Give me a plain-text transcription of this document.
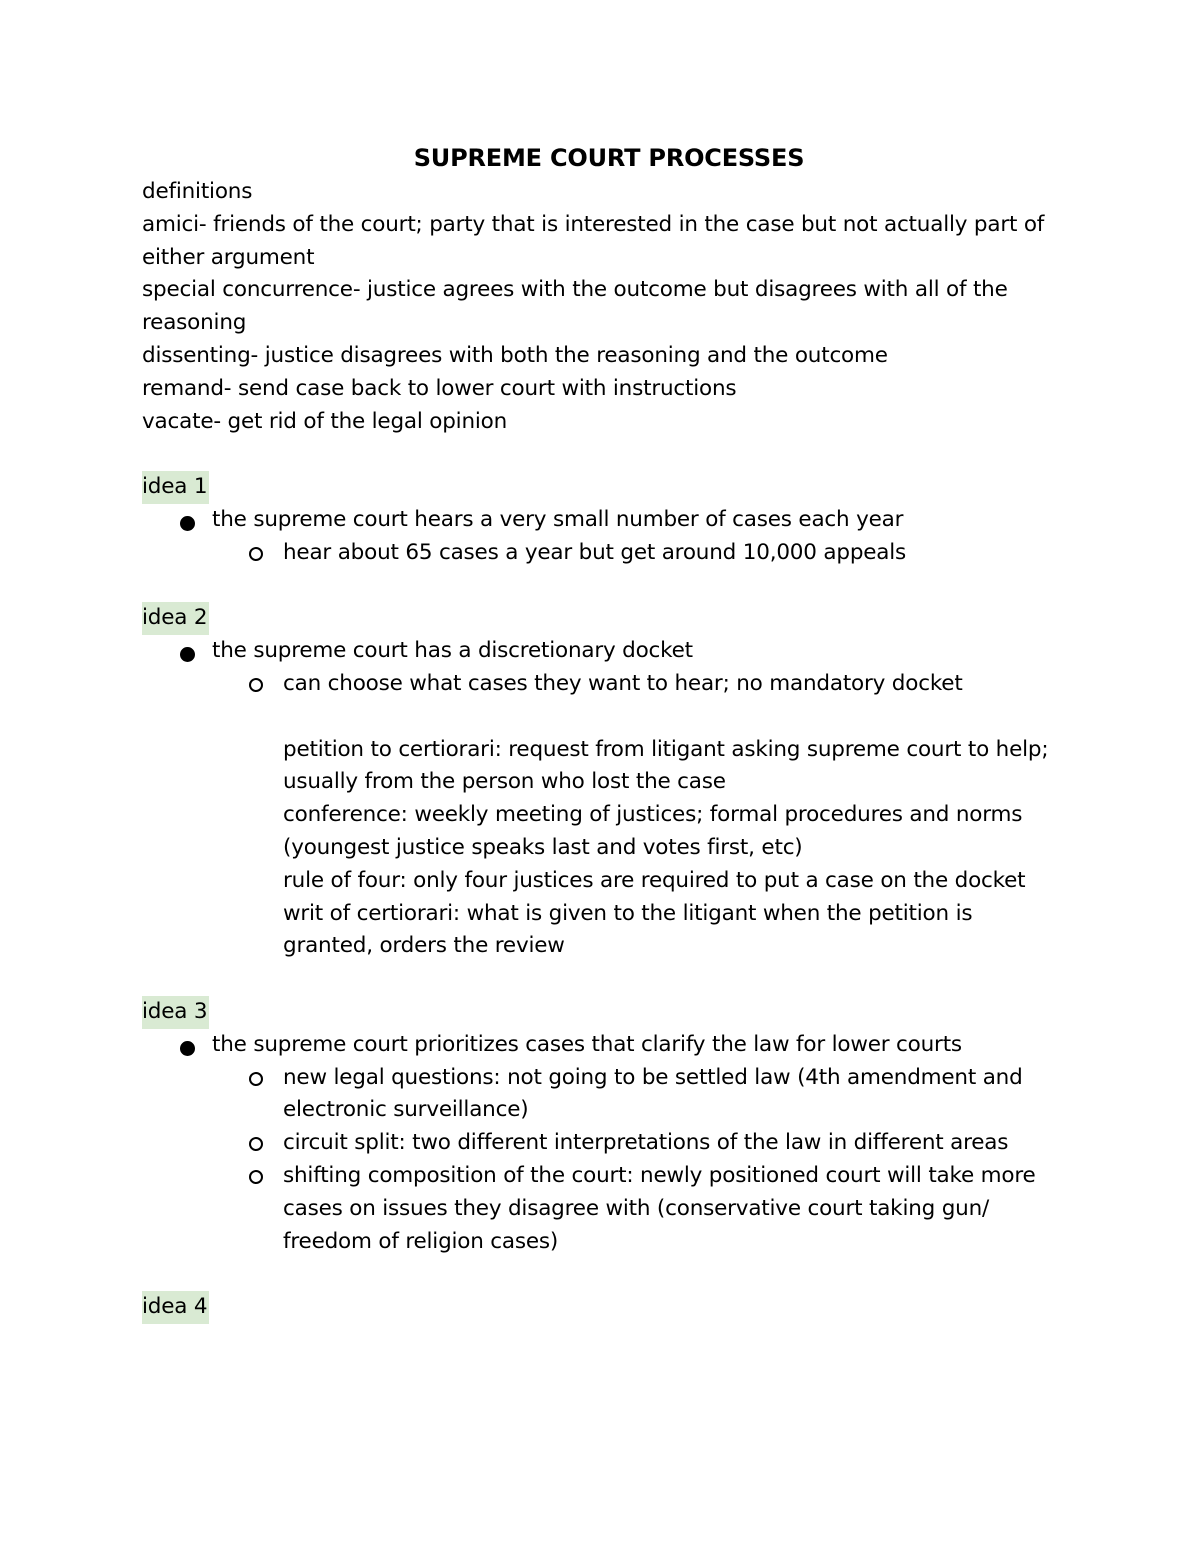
SUPREME COURT PROCESSES

definitions

amici- friends of the court; party that is interested in the case but not actually part of either argument

special concurrence- justice agrees with the outcome but disagrees with all of the reasoning

dissenting- justice disagrees with both the reasoning and the outcome

remand- send case back to lower court with instructions

vacate- get rid of the legal opinion

idea 1

the supreme court hears a very small number of cases each year

hear about 65 cases a year but get around 10,000 appeals

idea 2

the supreme court has a discretionary docket

can choose what cases they want to hear; no mandatory docket

petition to certiorari: request from litigant asking supreme court to help; usually from the person who lost the case

conference: weekly meeting of justices; formal procedures and norms (youngest justice speaks last and votes first, etc)

rule of four: only four justices are required to put a case on the docket

writ of certiorari: what is given to the litigant when the petition is granted, orders the review

idea 3

the supreme court prioritizes cases that clarify the law for lower courts

new legal questions: not going to be settled law (4th amendment and electronic surveillance)

circuit split: two different interpretations of the law in different areas

shifting composition of the court: newly positioned court will take more cases on issues they disagree with (conservative court taking gun/ freedom of religion cases)

idea 4
